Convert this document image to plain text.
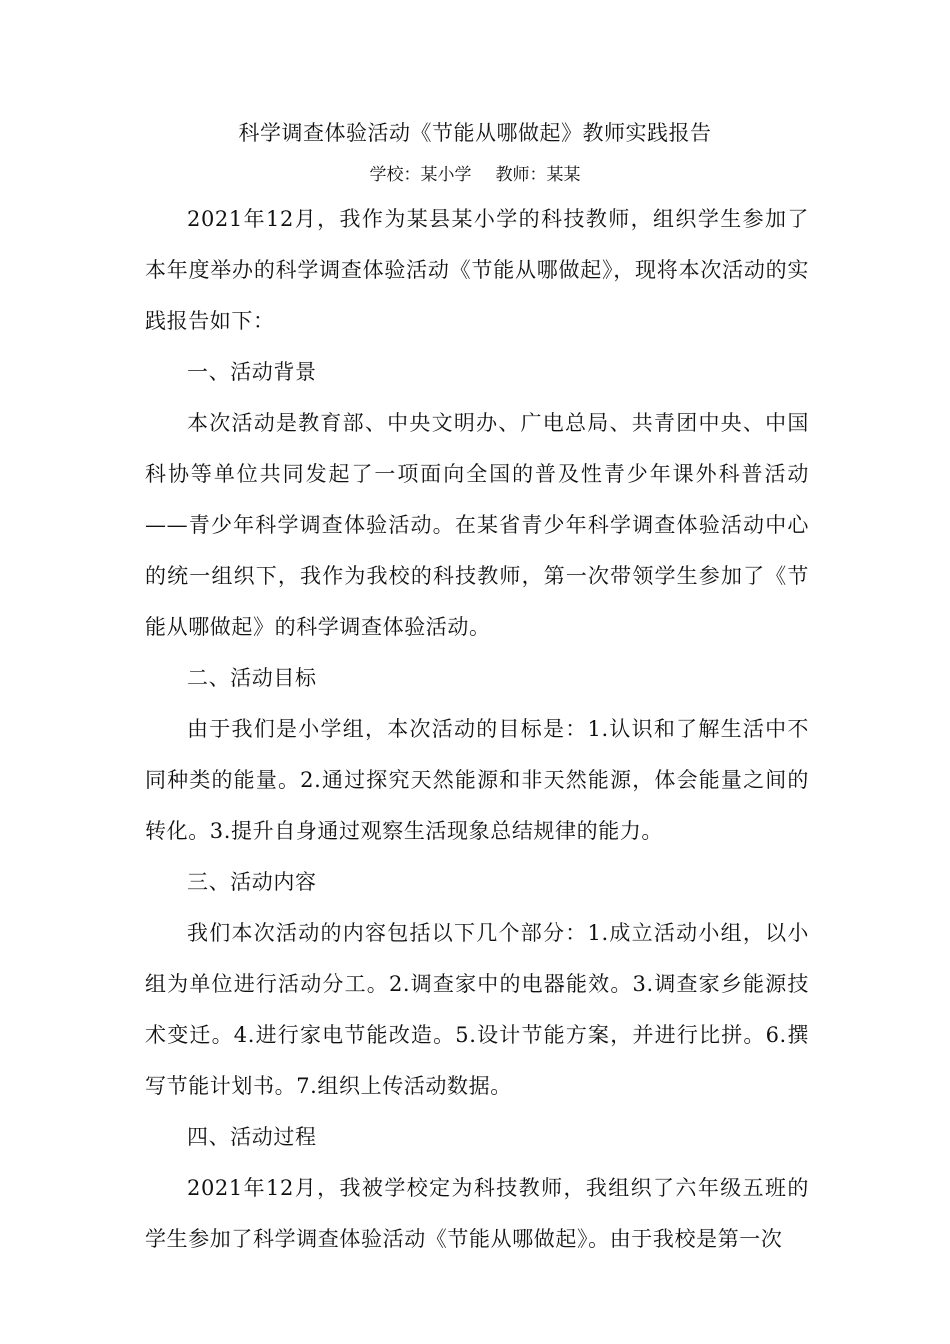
科学调查体验活动《节能从哪做起》教师实践报告
学校：某小学 教师：某某

2021年12月，我作为某县某小学的科技教师，组织学生参加了本年度举办的科学调查体验活动《节能从哪做起》，现将本次活动的实践报告如下：

一、活动背景

本次活动是教育部、中央文明办、广电总局、共青团中央、中国科协等单位共同发起了一项面向全国的普及性青少年课外科普活动——青少年科学调查体验活动。在某省青少年科学调查体验活动中心的统一组织下，我作为我校的科技教师，第一次带领学生参加了《节能从哪做起》的科学调查体验活动。

二、活动目标

由于我们是小学组，本次活动的目标是：1.认识和了解生活中不同种类的能量。2.通过探究天然能源和非天然能源，体会能量之间的转化。3.提升自身通过观察生活现象总结规律的能力。

三、活动内容

我们本次活动的内容包括以下几个部分：1.成立活动小组，以小组为单位进行活动分工。2.调查家中的电器能效。3.调查家乡能源技术变迁。4.进行家电节能改造。5.设计节能方案，并进行比拼。6.撰写节能计划书。7.组织上传活动数据。

四、活动过程

2021年12月，我被学校定为科技教师，我组织了六年级五班的学生参加了科学调查体验活动《节能从哪做起》。由于我校是第一次
